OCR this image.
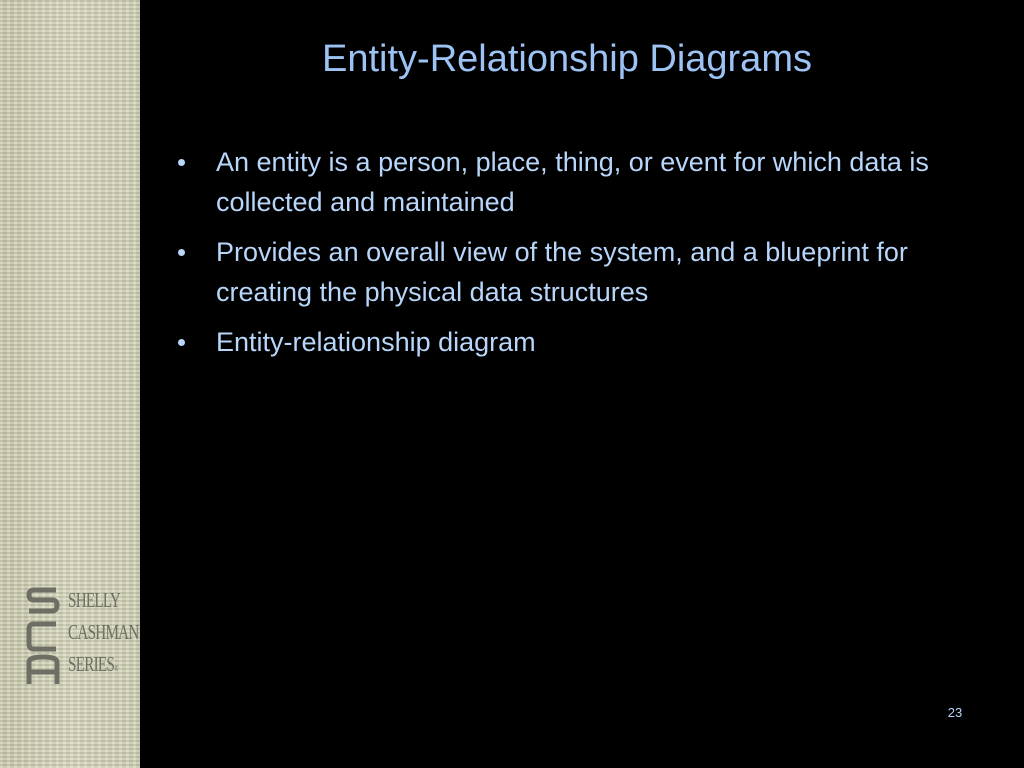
SHELLY
CASHMAN
SERIES®
Entity-Relationship Diagrams
An entity is a person, place, thing, or event for which data is collected and maintained
Provides an overall view of the system, and a blueprint for creating the physical data structures
Entity-relationship diagram
23
